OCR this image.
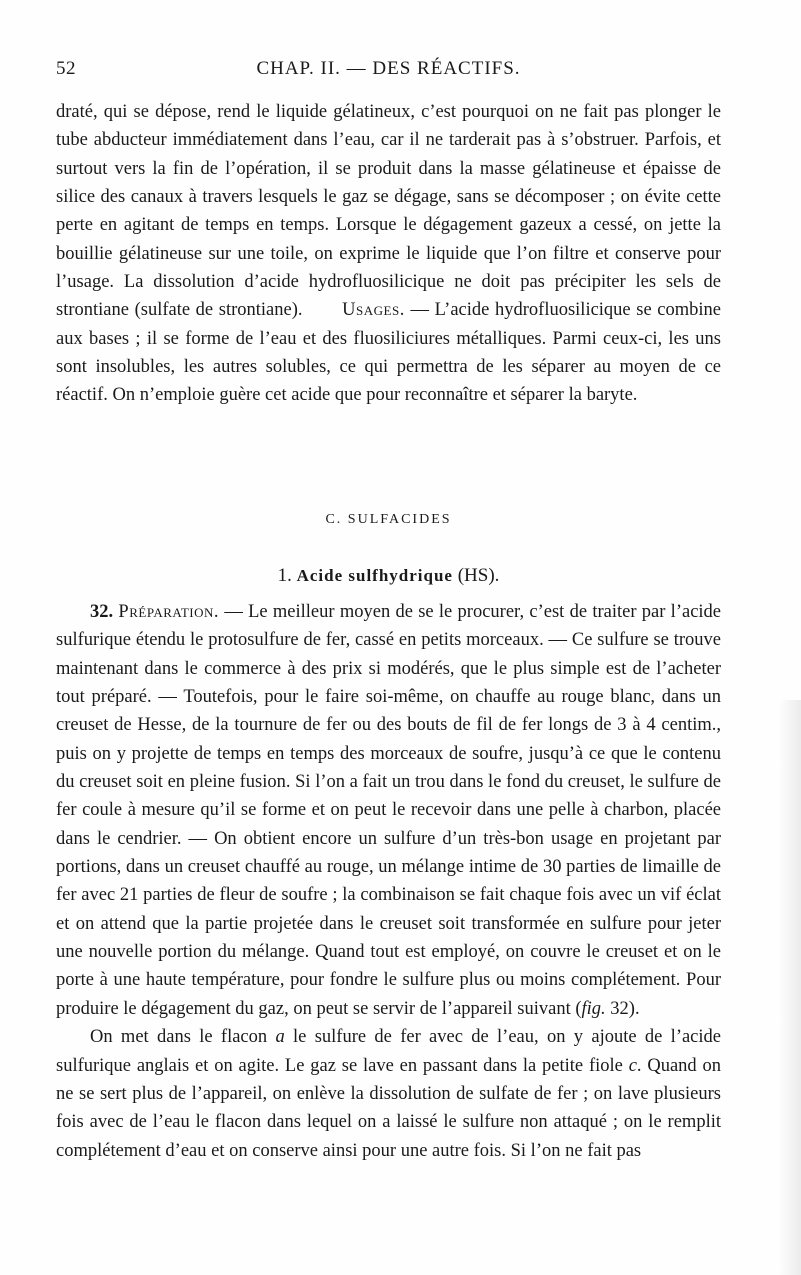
52	CHAP. II. — DES RÉACTIFS.

draté, qui se dépose, rend le liquide gélatineux, c’est pourquoi on ne fait pas plonger le tube abducteur immédiatement dans l’eau, car il ne tarderait pas à s’obstruer. Parfois, et surtout vers la fin de l’opération, il se produit dans la masse gélatineuse et épaisse de silice des canaux à travers lesquels le gaz se dégage, sans se décomposer ; on évite cette perte en agitant de temps en temps. Lorsque le dégagement gazeux a cessé, on jette la bouillie gélatineuse sur une toile, on exprime le liquide que l’on filtre et conserve pour l’usage. La dissolution d’acide hydrofluosilicique ne doit pas précipiter les sels de strontiane (sulfate de strontiane). Usages. — L’acide hydrofluosilicique se combine aux bases ; il se forme de l’eau et des fluosiliciures métalliques. Parmi ceux-ci, les uns sont insolubles, les autres solubles, ce qui permettra de les séparer au moyen de ce réactif. On n’emploie guère cet acide que pour reconnaître et séparer la baryte.

C. SULFACIDES
1. Acide sulfhydrique (HS).

32. Préparation. — Le meilleur moyen de se le procurer, c’est de traiter par l’acide sulfurique étendu le protosulfure de fer, cassé en petits morceaux. — Ce sulfure se trouve maintenant dans le commerce à des prix si modérés, que le plus simple est de l’acheter tout préparé. — Toutefois, pour le faire soi-même, on chauffe au rouge blanc, dans un creuset de Hesse, de la tournure de fer ou des bouts de fil de fer longs de 3 à 4 centim., puis on y projette de temps en temps des morceaux de soufre, jusqu’à ce que le contenu du creuset soit en pleine fusion. Si l’on a fait un trou dans le fond du creuset, le sulfure de fer coule à mesure qu’il se forme et on peut le recevoir dans une pelle à charbon, placée dans le cendrier. — On obtient encore un sulfure d’un très-bon usage en projetant par portions, dans un creuset chauffé au rouge, un mélange intime de 30 parties de limaille de fer avec 21 parties de fleur de soufre ; la combinaison se fait chaque fois avec un vif éclat et on attend que la partie projetée dans le creuset soit transformée en sulfure pour jeter une nouvelle portion du mélange. Quand tout est employé, on couvre le creuset et on le porte à une haute température, pour fondre le sulfure plus ou moins complétement. Pour produire le dégagement du gaz, on peut se servir de l’appareil suivant (fig. 32).
On met dans le flacon a le sulfure de fer avec de l’eau, on y ajoute de l’acide sulfurique anglais et on agite. Le gaz se lave en passant dans la petite fiole c. Quand on ne se sert plus de l’appareil, on enlève la dissolution de sulfate de fer ; on lave plusieurs fois avec de l’eau le flacon dans lequel on a laissé le sulfure non attaqué ; on le remplit complétement d’eau et on conserve ainsi pour une autre fois. Si l’on ne fait pas
